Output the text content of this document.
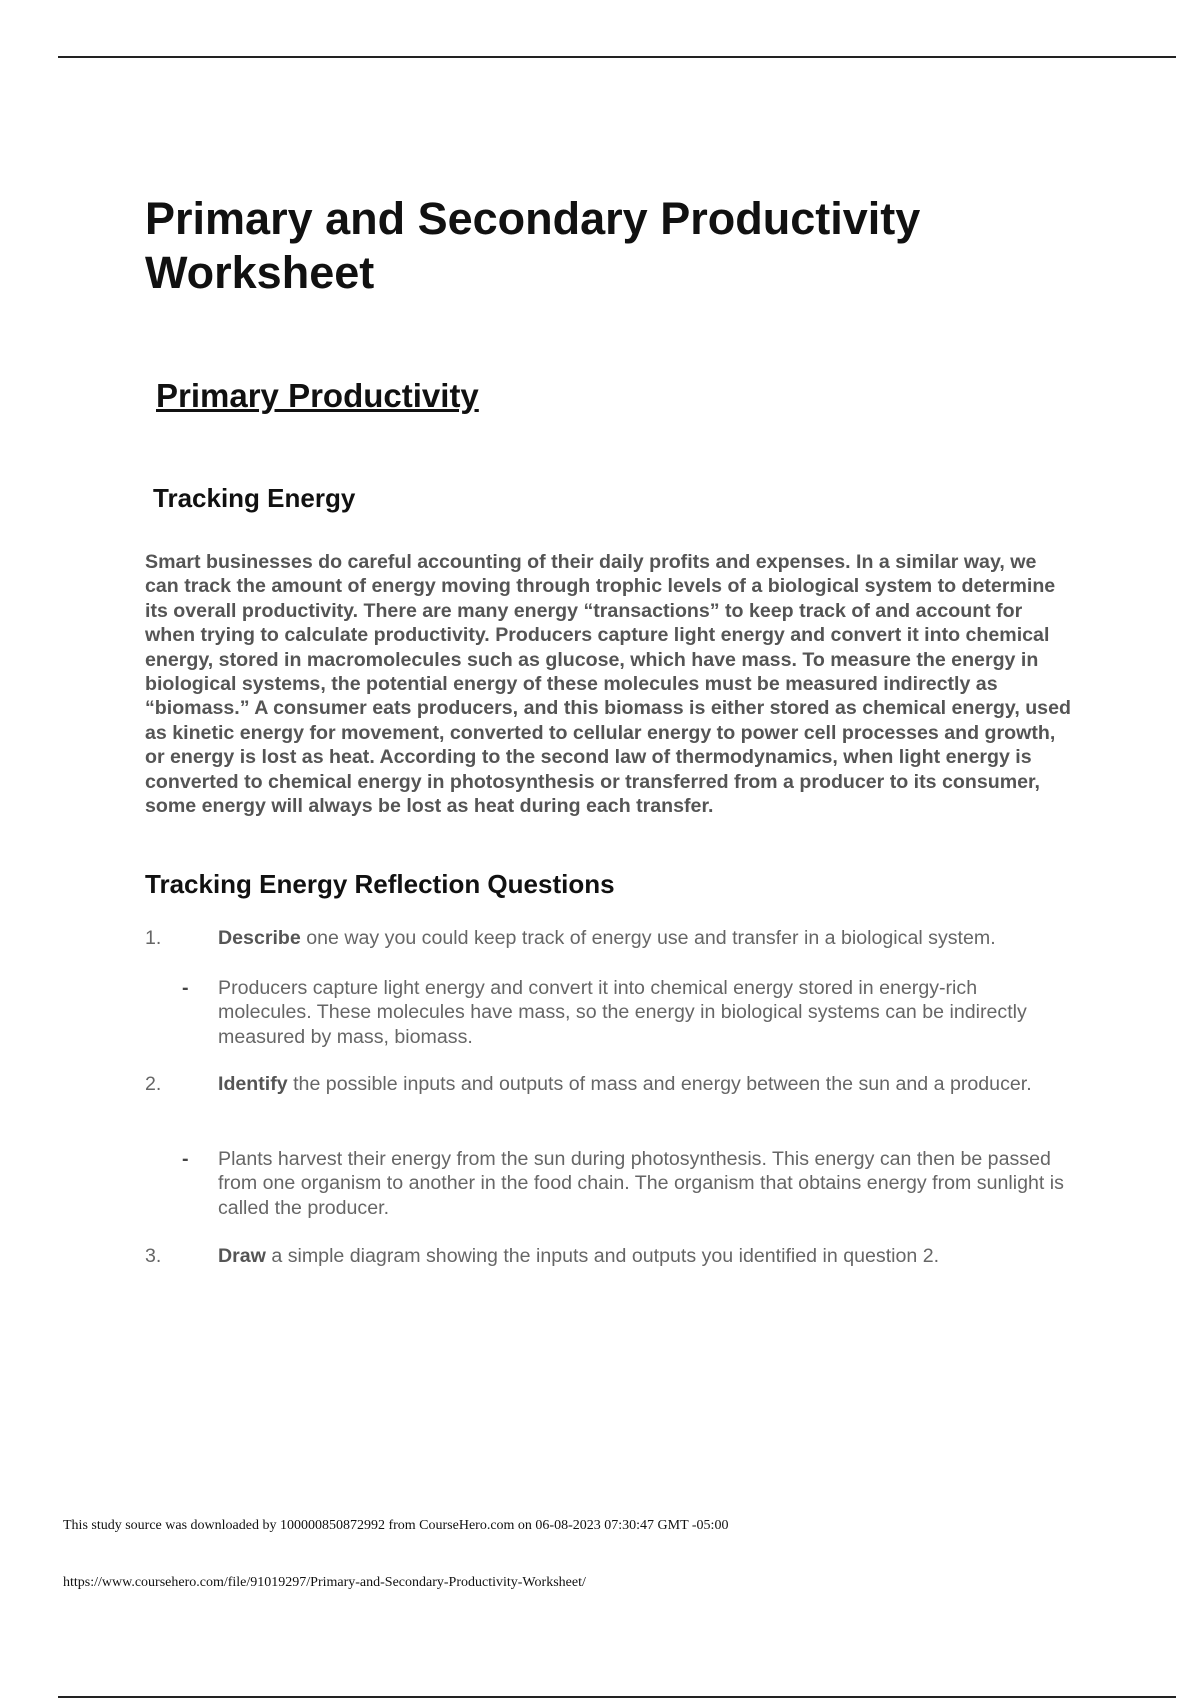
Primary and Secondary Productivity Worksheet
Primary Productivity
Tracking Energy

Smart businesses do careful accounting of their daily profits and expenses. In a similar way, we can track the amount of energy moving through trophic levels of a biological system to determine its overall productivity. There are many energy “transactions” to keep track of and account for when trying to calculate productivity. Producers capture light energy and convert it into chemical energy, stored in macromolecules such as glucose, which have mass. To measure the energy in biological systems, the potential energy of these molecules must be measured indirectly as “biomass.” A consumer eats producers, and this biomass is either stored as chemical energy, used as kinetic energy for movement, converted to cellular energy to power cell processes and growth, or energy is lost as heat. According to the second law of thermodynamics, when light energy is converted to chemical energy in photosynthesis or transferred from a producer to its consumer, some energy will always be lost as heat during each transfer.

Tracking Energy Reflection Questions

1.	Describe one way you could keep track of energy use and transfer in a biological system.

- Producers capture light energy and convert it into chemical energy stored in energy-rich molecules. These molecules have mass, so the energy in biological systems can be indirectly measured by mass, biomass.

2.	Identify the possible inputs and outputs of mass and energy between the sun and a producer.

- Plants harvest their energy from the sun during photosynthesis. This energy can then be passed from one organism to another in the food chain. The organism that obtains energy from sunlight is called the producer.

3.	Draw a simple diagram showing the inputs and outputs you identified in question 2.

This study source was downloaded by 100000850872992 from CourseHero.com on 06-08-2023 07:30:47 GMT -05:00

https://www.coursehero.com/file/91019297/Primary-and-Secondary-Productivity-Worksheet/
